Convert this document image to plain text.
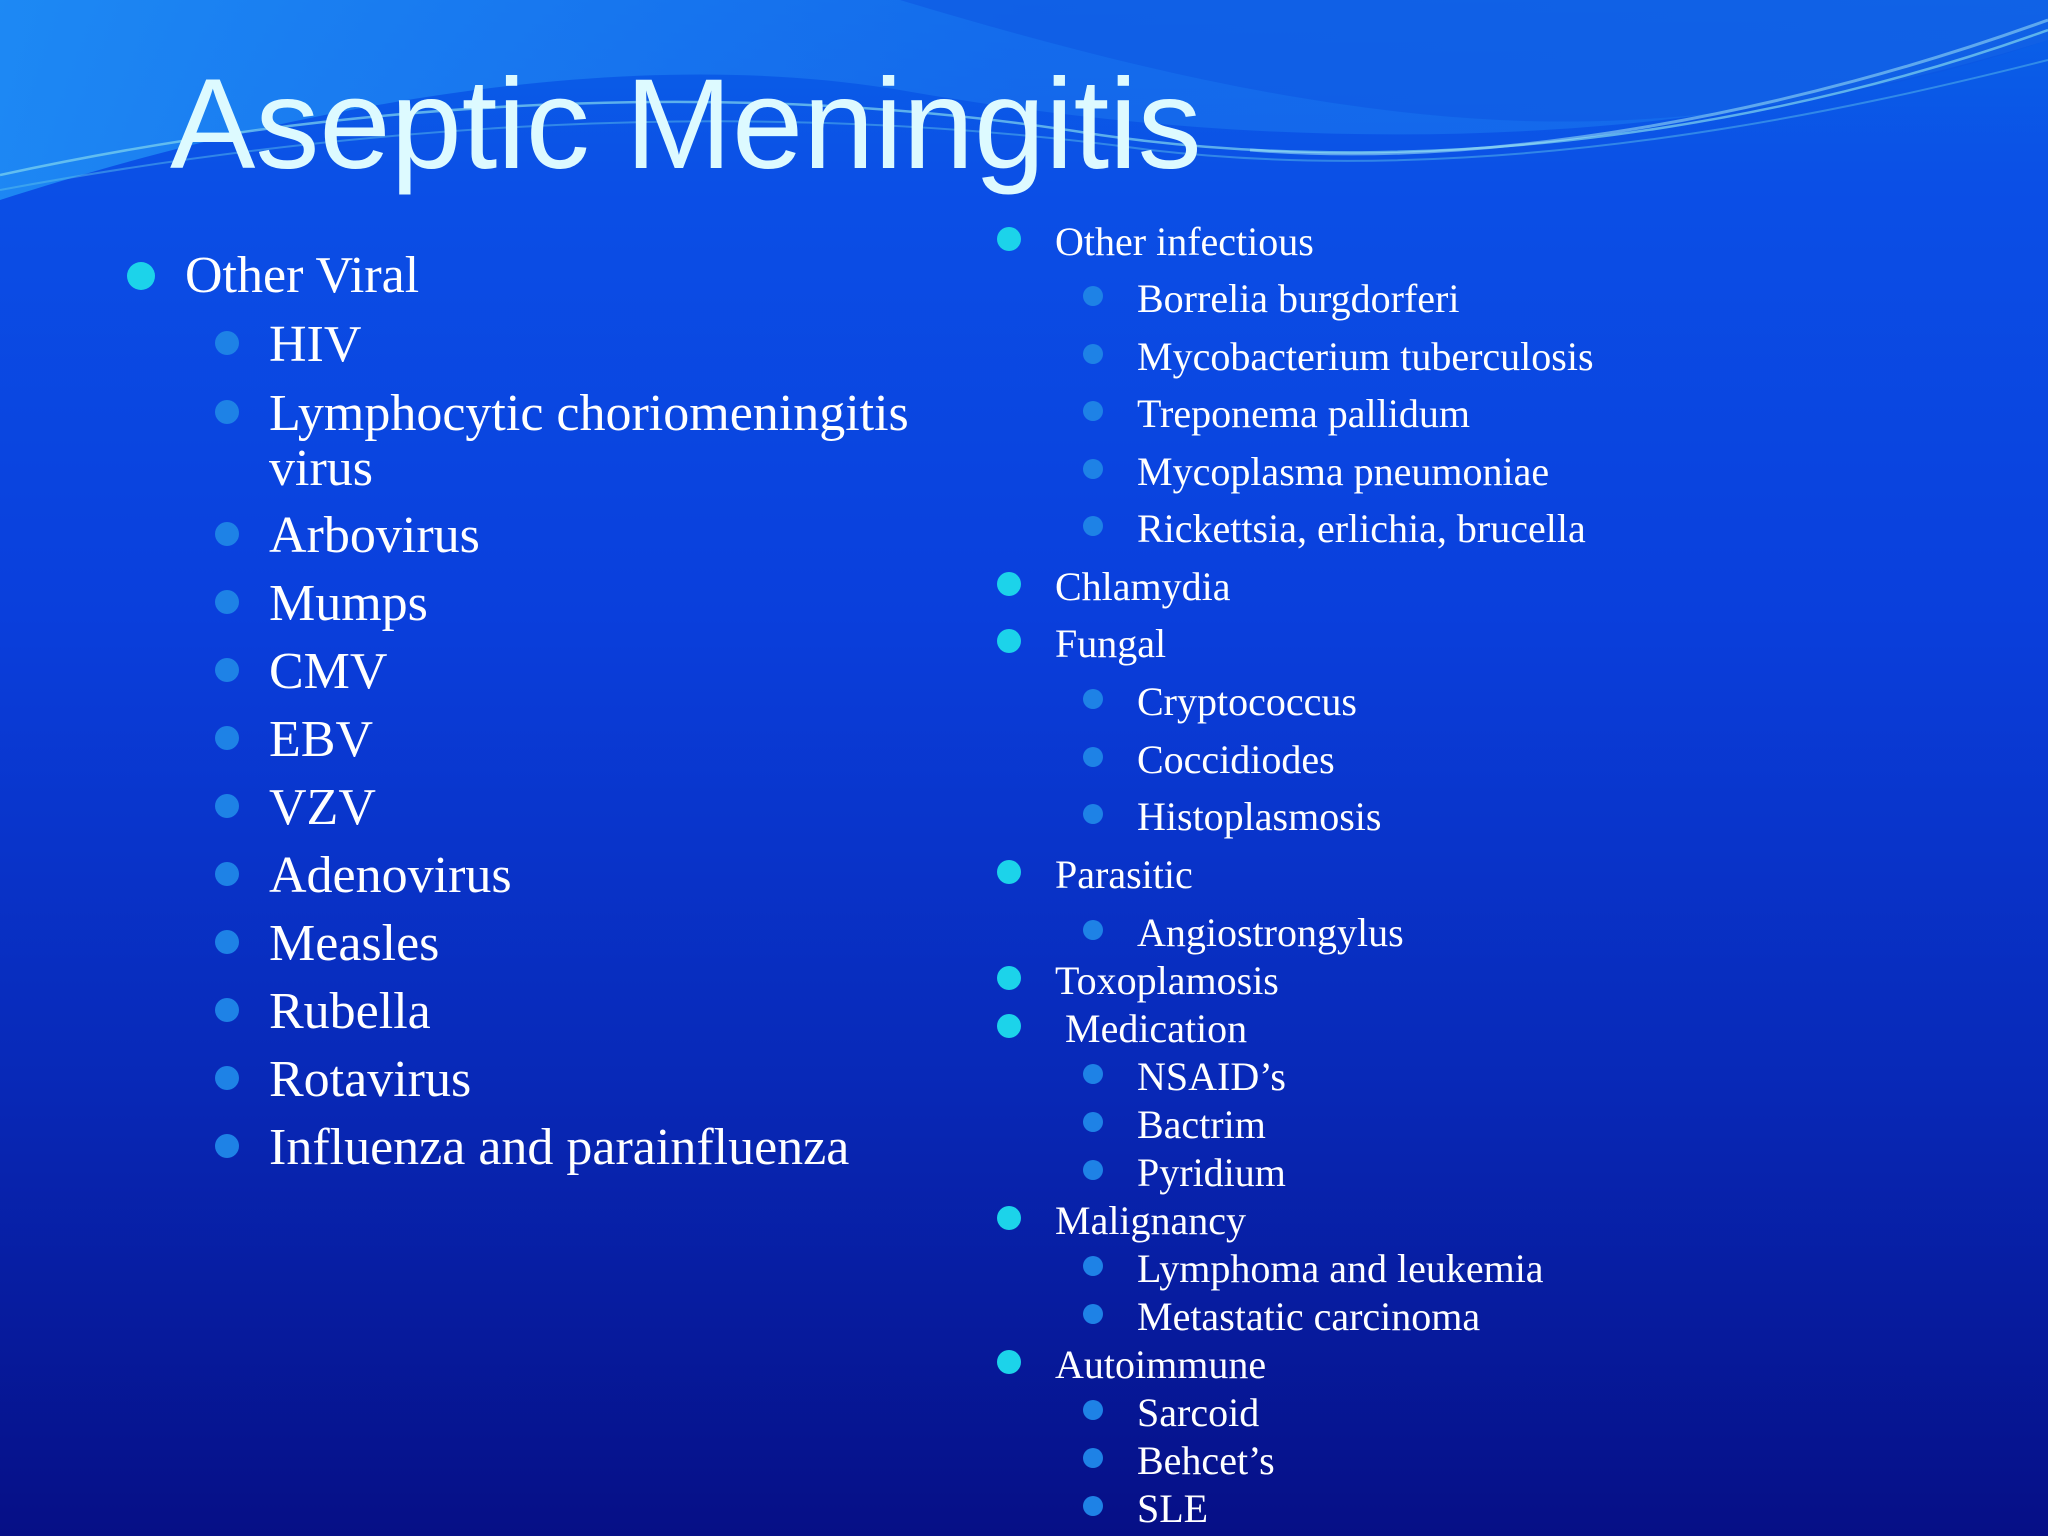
Aseptic Meningitis
Other Viral
HIV
Lymphocytic choriomeningitis
virus
Arbovirus
Mumps
CMV
EBV
VZV
Adenovirus
Measles
Rubella
Rotavirus
Influenza and parainfluenza
Other infectious
Borrelia burgdorferi
Mycobacterium tuberculosis
Treponema pallidum
Mycoplasma pneumoniae
Rickettsia, erlichia, brucella
Chlamydia
Fungal
Cryptococcus
Coccidiodes
Histoplasmosis
Parasitic
Angiostrongylus
Toxoplamosis
Medication
NSAID’s
Bactrim
Pyridium
Malignancy
Lymphoma and leukemia
Metastatic carcinoma
Autoimmune
Sarcoid
Behcet’s
SLE
